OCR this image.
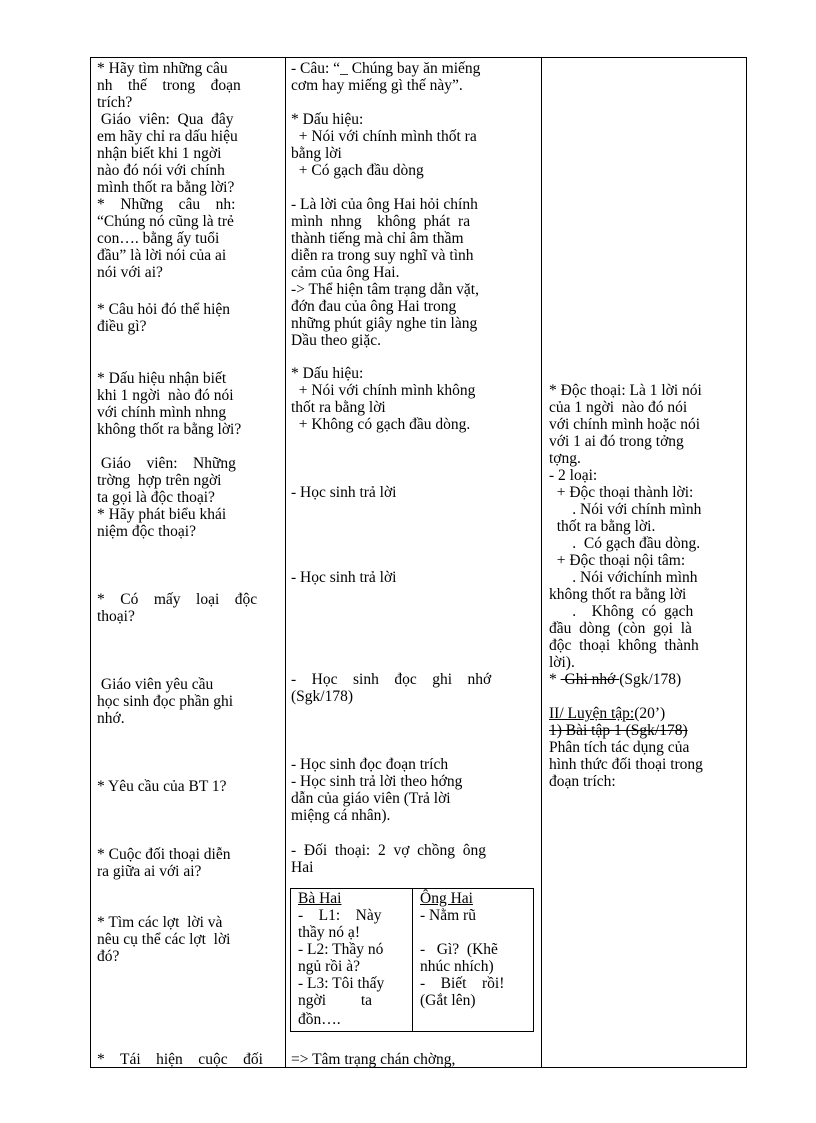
* Hãy tìm những câu
nh    thế    trong    đoạn
trích?
Giáo  viên:  Qua  đây
em hãy chỉ ra dấu hiệu
nhận biết khi 1 ngời
nào đó nói với chính
mình thốt ra bằng lời?
*    Những    câu    nh:
“Chúng nó cũng là trẻ
con…. bằng ấy tuổi
đầu” là lời nói của ai
nói với ai?
* Câu hỏi đó thể hiện
điều gì?
* Dấu hiệu nhận biết
khi 1 ngời  nào đó nói
với chính mình nhng
không thốt ra bằng lời?
Giáo    viên:    Những
trờng  hợp trên ngời
ta gọi là độc thoại?
* Hãy phát biểu khái
niệm độc thoại?
*    Có    mấy    loại    độc
thoại?
Giáo viên yêu cầu
học sinh đọc phần ghi
nhớ.
* Yêu cầu của BT 1?
* Cuộc đối thoại diễn
ra giữa ai với ai?
* Tìm các lợt  lời và
nêu cụ thể các lợt  lời
đó?
*    Tái    hiện    cuộc    đối
- Câu: “_ Chúng bay ăn miếng
cơm hay miếng gì thế này”.
* Dấu hiệu:
+ Nói với chính mình thốt ra
bằng lời
+ Có gạch đầu dòng
- Là lời của ông Hai hỏi chính
mình  nhng    không  phát  ra
thành tiếng mà chỉ âm thầm
diễn ra trong suy nghĩ và tình
cảm của ông Hai.
-> Thể hiện tâm trạng dằn vặt,
đớn đau của ông Hai trong
những phút giây nghe tin làng
Dầu theo giặc.
* Dấu hiệu:
+ Nói với chính mình không
thốt ra bằng lời
+ Không có gạch đầu dòng.
- Học sinh trả lời
- Học sinh trả lời
-    Học    sinh    đọc    ghi    nhớ
(Sgk/178)
- Học sinh đọc đoạn trích
- Học sinh trả lời theo hớng
dẫn của giáo viên (Trả lời
miệng cá nhân).
-  Đối  thoại:  2  vợ  chồng  ông
Hai
=> Tâm trạng chán chờng,
Bà Hai
-    L1:    Này
thầy nó ạ!
- L2: Thầy nó
ngủ rồi à?
- L3: Tôi thấy
ngời         ta
đồn….
Ông Hai
- Nằm rũ
-   Gì?  (Khẽ
nhúc nhích)
-    Biết    rồi!
(Gắt lên)
* Độc thoại: Là 1 lời nói
của 1 ngời  nào đó nói
với chính mình hoặc nói
với 1 ai đó trong tởng
tợng.
- 2 loại:
+ Độc thoại thành lời:
. Nói với chính mình
thốt ra bằng lời.
.  Có gạch đầu dòng.
+ Độc thoại nội tâm:
. Nói vớichính mình
không thốt ra bằng lời
.    Không  có  gạch
đầu  dòng  (còn  gọi  là
độc  thoại  không  thành
lời).
*  Ghi nhớ (Sgk/178)
II/ Luyện tập:(20’)
1) Bài tập 1 (Sgk/178)
Phân tích tác dụng của
hình thức đối thoại trong
đoạn trích:
